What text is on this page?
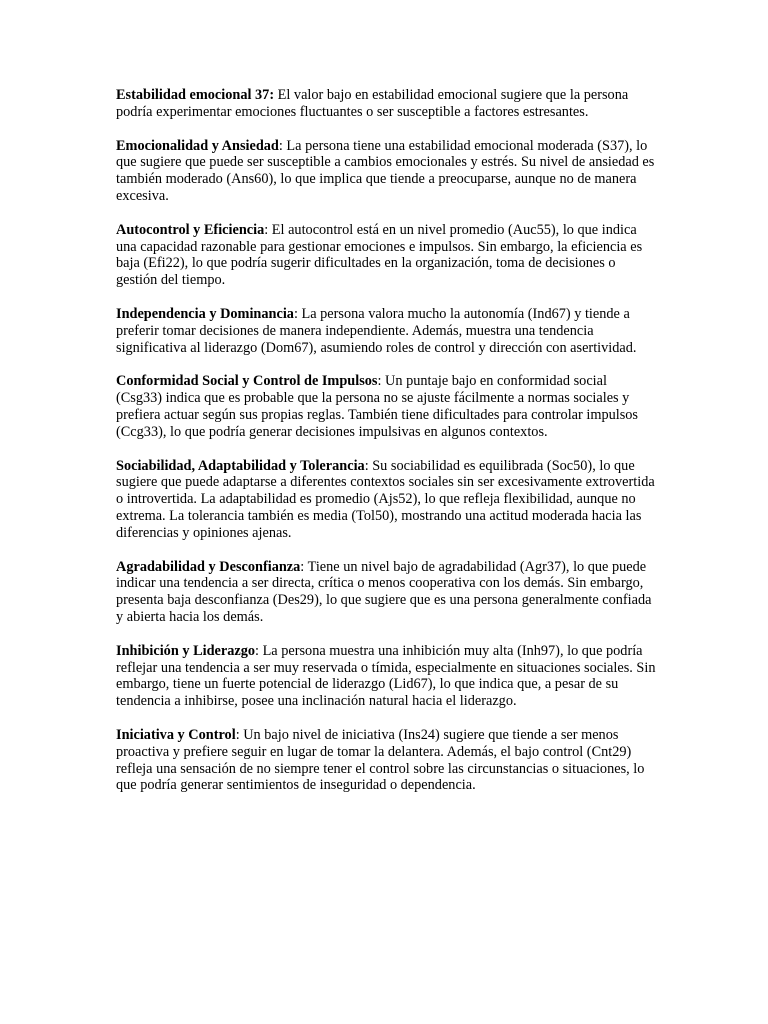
Estabilidad emocional 37: El valor bajo en estabilidad emocional sugiere que la persona podría experimentar emociones fluctuantes o ser susceptible a factores estresantes.

Emocionalidad y Ansiedad: La persona tiene una estabilidad emocional moderada (S37), lo que sugiere que puede ser susceptible a cambios emocionales y estrés. Su nivel de ansiedad es también moderado (Ans60), lo que implica que tiende a preocuparse, aunque no de manera excesiva.

Autocontrol y Eficiencia: El autocontrol está en un nivel promedio (Auc55), lo que indica una capacidad razonable para gestionar emociones e impulsos. Sin embargo, la eficiencia es baja (Efi22), lo que podría sugerir dificultades en la organización, toma de decisiones o gestión del tiempo.

Independencia y Dominancia: La persona valora mucho la autonomía (Ind67) y tiende a preferir tomar decisiones de manera independiente. Además, muestra una tendencia significativa al liderazgo (Dom67), asumiendo roles de control y dirección con asertividad.

Conformidad Social y Control de Impulsos: Un puntaje bajo en conformidad social (Csg33) indica que es probable que la persona no se ajuste fácilmente a normas sociales y prefiera actuar según sus propias reglas. También tiene dificultades para controlar impulsos (Ccg33), lo que podría generar decisiones impulsivas en algunos contextos.

Sociabilidad, Adaptabilidad y Tolerancia: Su sociabilidad es equilibrada (Soc50), lo que sugiere que puede adaptarse a diferentes contextos sociales sin ser excesivamente extrovertida o introvertida. La adaptabilidad es promedio (Ajs52), lo que refleja flexibilidad, aunque no extrema. La tolerancia también es media (Tol50), mostrando una actitud moderada hacia las diferencias y opiniones ajenas.

Agradabilidad y Desconfianza: Tiene un nivel bajo de agradabilidad (Agr37), lo que puede indicar una tendencia a ser directa, crítica o menos cooperativa con los demás. Sin embargo, presenta baja desconfianza (Des29), lo que sugiere que es una persona generalmente confiada y abierta hacia los demás.

Inhibición y Liderazgo: La persona muestra una inhibición muy alta (Inh97), lo que podría reflejar una tendencia a ser muy reservada o tímida, especialmente en situaciones sociales. Sin embargo, tiene un fuerte potencial de liderazgo (Lid67), lo que indica que, a pesar de su tendencia a inhibirse, posee una inclinación natural hacia el liderazgo.

Iniciativa y Control: Un bajo nivel de iniciativa (Ins24) sugiere que tiende a ser menos proactiva y prefiere seguir en lugar de tomar la delantera. Además, el bajo control (Cnt29) refleja una sensación de no siempre tener el control sobre las circunstancias o situaciones, lo que podría generar sentimientos de inseguridad o dependencia.
